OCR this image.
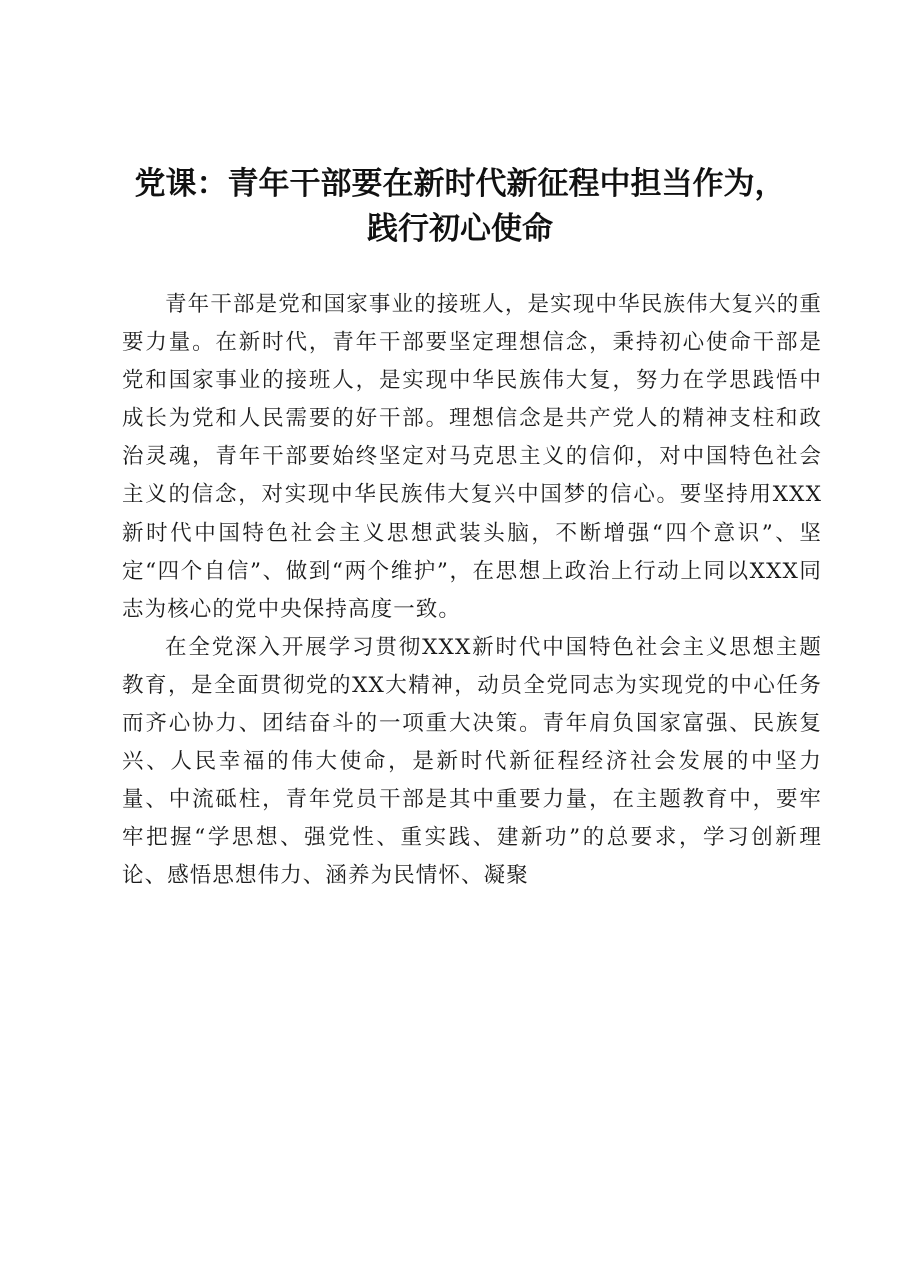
党课：青年干部要在新时代新征程中担当作为，
践行初心使命

青年干部是党和国家事业的接班人，是实现中华民族伟大复兴的重要力量。在新时代，青年干部要坚定理想信念，秉持初心使命干部是党和国家事业的接班人，是实现中华民族伟大复，努力在学思践悟中成长为党和人民需要的好干部。理想信念是共产党人的精神支柱和政治灵魂，青年干部要始终坚定对马克思主义的信仰，对中国特色社会主义的信念，对实现中华民族伟大复兴中国梦的信心。要坚持用XXX新时代中国特色社会主义思想武装头脑，不断增强“四个意识”、坚定“四个自信”、做到“两个维护”，在思想上政治上行动上同以XXX同志为核心的党中央保持高度一致。

在全党深入开展学习贯彻XXX新时代中国特色社会主义思想主题教育，是全面贯彻党的XX大精神，动员全党同志为实现党的中心任务而齐心协力、团结奋斗的一项重大决策。青年肩负国家富强、民族复兴、人民幸福的伟大使命，是新时代新征程经济社会发展的中坚力量、中流砥柱，青年党员干部是其中重要力量，在主题教育中，要牢牢把握“学思想、强党性、重实践、建新功”的总要求，学习创新理论、感悟思想伟力、涵养为民情怀、凝聚
